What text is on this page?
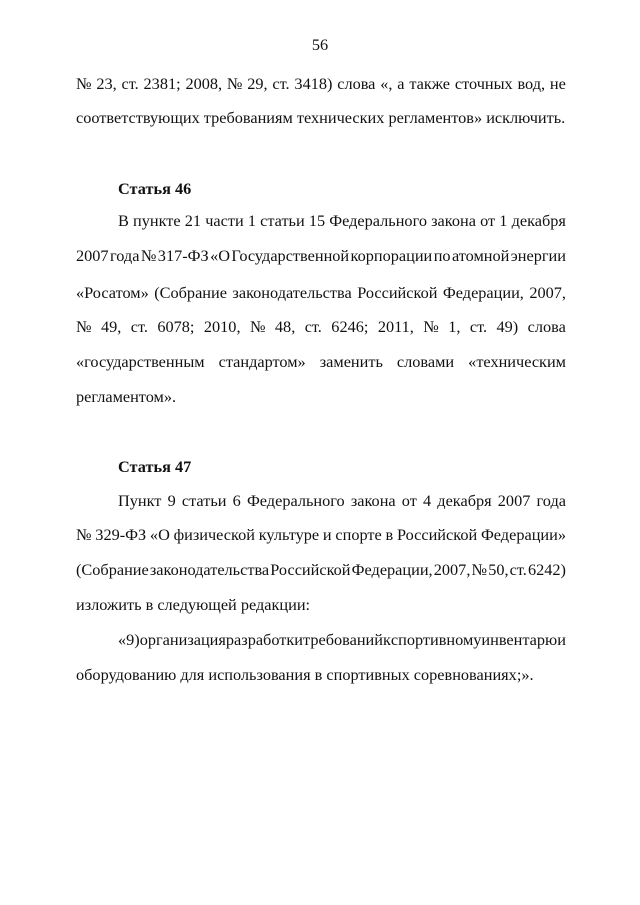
56
№ 23, ст. 2381; 2008, № 29, ст. 3418) слова «, а также сточных вод, не
соответствующих требованиям технических регламентов» исключить.
Статья 46
В пункте 21 части 1 статьи 15 Федерального закона от 1 декабря
2007 года № 317-ФЗ «О Государственной корпорации по атомной энергии
«Росатом» (Собрание законодательства Российской Федерации, 2007,
№ 49, ст. 6078; 2010, № 48, ст. 6246; 2011, № 1, ст. 49) слова
«государственным стандартом» заменить словами «техническим
регламентом».
Статья 47
Пункт 9 статьи 6 Федерального закона от 4 декабря 2007 года
№ 329-ФЗ «О физической культуре и спорте в Российской Федерации»
(Собрание законодательства Российской Федерации, 2007, № 50, ст. 6242)
изложить в следующей редакции:
«9) организация разработки требований к спортивному инвентарю и
оборудованию для использования в спортивных соревнованиях;».
